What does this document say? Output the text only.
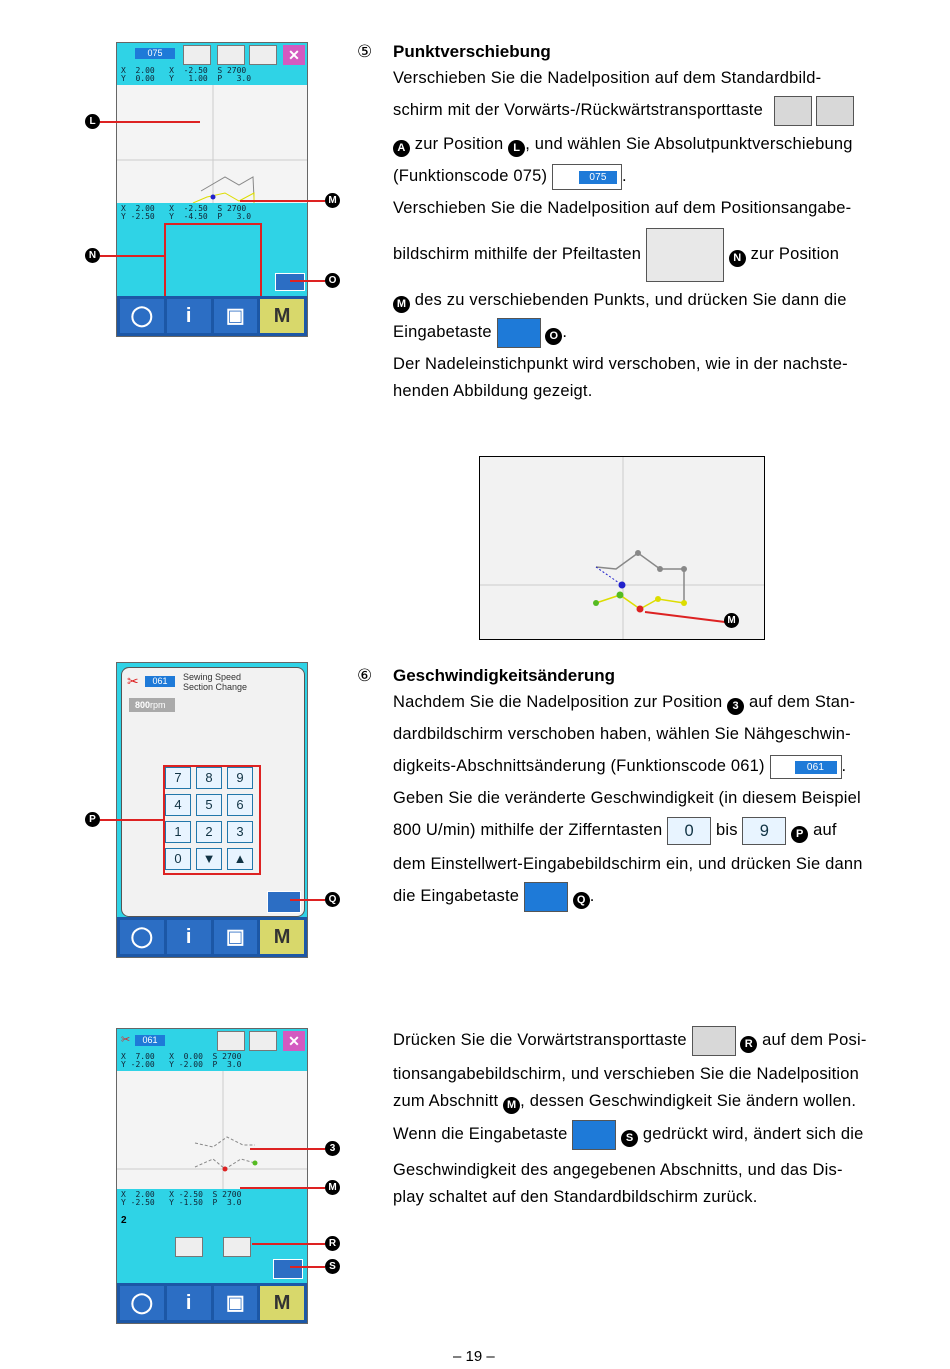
⑤ Punktverschiebung
Verschieben Sie die Nadelposition auf dem Standardbild-
schirm mit der Vorwärts-/Rückwärtstransporttaste
A zur Position L , und wählen Sie Absolutpunktverschiebung
(Funktionscode 075)	075 .
Verschieben Sie die Nadelposition auf dem Positionsangabe-
bildschirm mithilfe der Pfeiltasten	N zur Position
M des zu verschiebenden Punkts, und drücken Sie dann die
Eingabetaste	O .
Der Nadeleinstichpunkt wird verschoben, wie in der nachste-
henden Abbildung gezeigt.
075	✕
X  2.00   X  -2.50  S 2700
Y  0.00   Y   1.00  P   3.0
X  2.00   X  -2.50  S 2700
Y -2.50   Y  -4.50  P   3.0
◯	i	▣	M
L
M
N
O
M
⑥ Geschwindigkeitsänderung
Nachdem Sie die Nadelposition zur Position 3 auf dem Stan-
dardbildschirm verschoben haben, wählen Sie Nähgeschwin-
digkeits-Abschnittsänderung (Funktionscode 061)	061	.
Geben Sie die veränderte Geschwindigkeit (in diesem Beispiel
800 U/min) mithilfe der Zifferntasten 0 bis 9 P auf
dem Einstellwert-Eingabebildschirm ein, und drücken Sie dann
die Eingabetaste	Q .
✂	061	Sewing Speed
Section Change
800rpm
7	8	9
4	5	6
1	2	3
0	▼	▲
◯	i	▣	M
P
Q
Drücken Sie die Vorwärtstransporttaste	R auf dem Posi-
tionsangabebildschirm, und verschieben Sie die Nadelposition
zum Abschnitt M , dessen Geschwindigkeit Sie ändern wollen.
Wenn die Eingabetaste	S gedrückt wird, ändert sich die
Geschwindigkeit des angegebenen Abschnitts, und das Dis-
play schaltet auf den Standardbildschirm zurück.
✂	061	✕
X  7.00   X  0.00  S 2700
Y -2.00   Y -2.00  P  3.0
X  2.00   X -2.50  S 2700
Y -2.50   Y -1.50  P  3.0
2
◯	i	▣	M
3
M
R
S
– 19 –
